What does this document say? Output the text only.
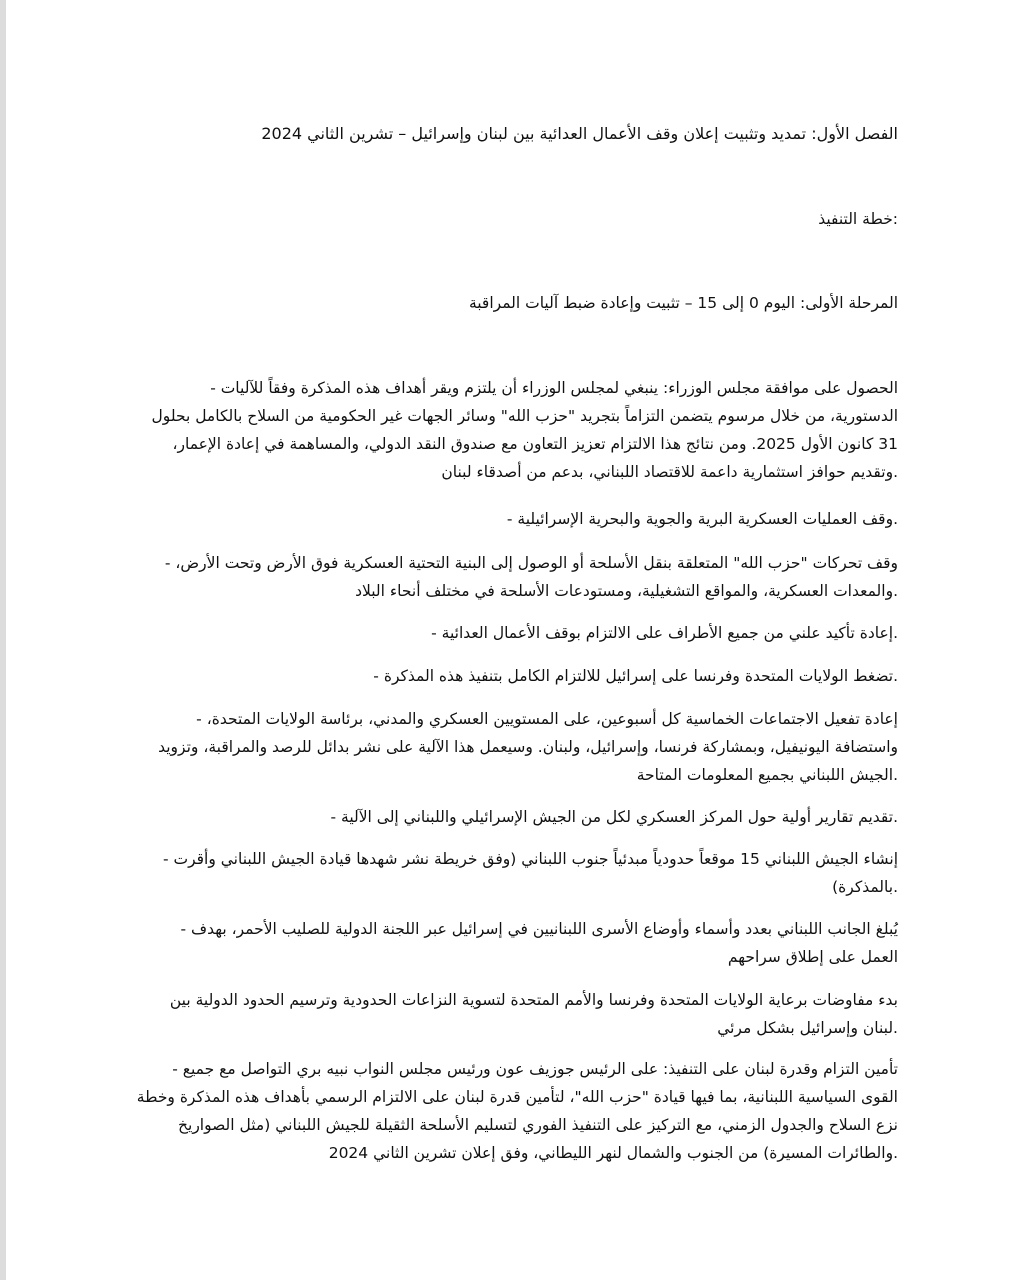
الفصل الأول: تمديد وتثبيت إعلان وقف الأعمال العدائية بين لبنان وإسرائيل – تشرين الثاني 2024

:خطة التنفيذ

المرحلة الأولى: اليوم 0 إلى 15 – تثبيت وإعادة ضبط آليات المراقبة

الحصول على موافقة مجلس الوزراء: ينبغي لمجلس الوزراء أن يلتزم ويقر أهداف هذه المذكرة وفقاً للآليات -
الدستورية، من خلال مرسوم يتضمن التزاماً بتجريد "حزب الله" وسائر الجهات غير الحكومية من السلاح بالكامل بحلول
31 كانون الأول 2025. ومن نتائج هذا الالتزام تعزيز التعاون مع صندوق النقد الدولي، والمساهمة في إعادة الإعمار،
.وتقديم حوافز استثمارية داعمة للاقتصاد اللبناني، بدعم من أصدقاء لبنان

.وقف العمليات العسكرية البرية والجوية والبحرية الإسرائيلية -

وقف تحركات "حزب الله" المتعلقة بنقل الأسلحة أو الوصول إلى البنية التحتية العسكرية فوق الأرض وتحت الأرض، -
.والمعدات العسكرية، والمواقع التشغيلية، ومستودعات الأسلحة في مختلف أنحاء البلاد

.إعادة تأكيد علني من جميع الأطراف على الالتزام بوقف الأعمال العدائية -

.تضغط الولايات المتحدة وفرنسا على إسرائيل للالتزام الكامل بتنفيذ هذه المذكرة -

إعادة تفعيل الاجتماعات الخماسية كل أسبوعين، على المستويين العسكري والمدني، برئاسة الولايات المتحدة، -
واستضافة اليونيفيل، وبمشاركة فرنسا، وإسرائيل، ولبنان. وسيعمل هذا الآلية على نشر بدائل للرصد والمراقبة، وتزويد
.الجيش اللبناني بجميع المعلومات المتاحة

.تقديم تقارير أولية حول المركز العسكري لكل من الجيش الإسرائيلي واللبناني إلى الآلية -

إنشاء الجيش اللبناني 15 موقعاً حدودياً مبدئياً جنوب اللبناني (وفق خريطة نشر شهدها قيادة الجيش اللبناني وأقرت -
.بالمذكرة)

يُبلغ الجانب اللبناني بعدد وأسماء وأوضاع الأسرى اللبنانيين في إسرائيل عبر اللجنة الدولية للصليب الأحمر، بهدف -
العمل على إطلاق سراحهم

بدء مفاوضات برعاية الولايات المتحدة وفرنسا والأمم المتحدة لتسوية النزاعات الحدودية وترسيم الحدود الدولية بين
.لبنان وإسرائيل بشكل مرئي

تأمين التزام وقدرة لبنان على التنفيذ: على الرئيس جوزيف عون ورئيس مجلس النواب نبيه بري التواصل مع جميع -
القوى السياسية اللبنانية، بما فيها قيادة "حزب الله"، لتأمين قدرة لبنان على الالتزام الرسمي بأهداف هذه المذكرة وخطة
نزع السلاح والجدول الزمني، مع التركيز على التنفيذ الفوري لتسليم الأسلحة الثقيلة للجيش اللبناني (مثل الصواريخ
.والطائرات المسيرة) من الجنوب والشمال لنهر الليطاني، وفق إعلان تشرين الثاني 2024
